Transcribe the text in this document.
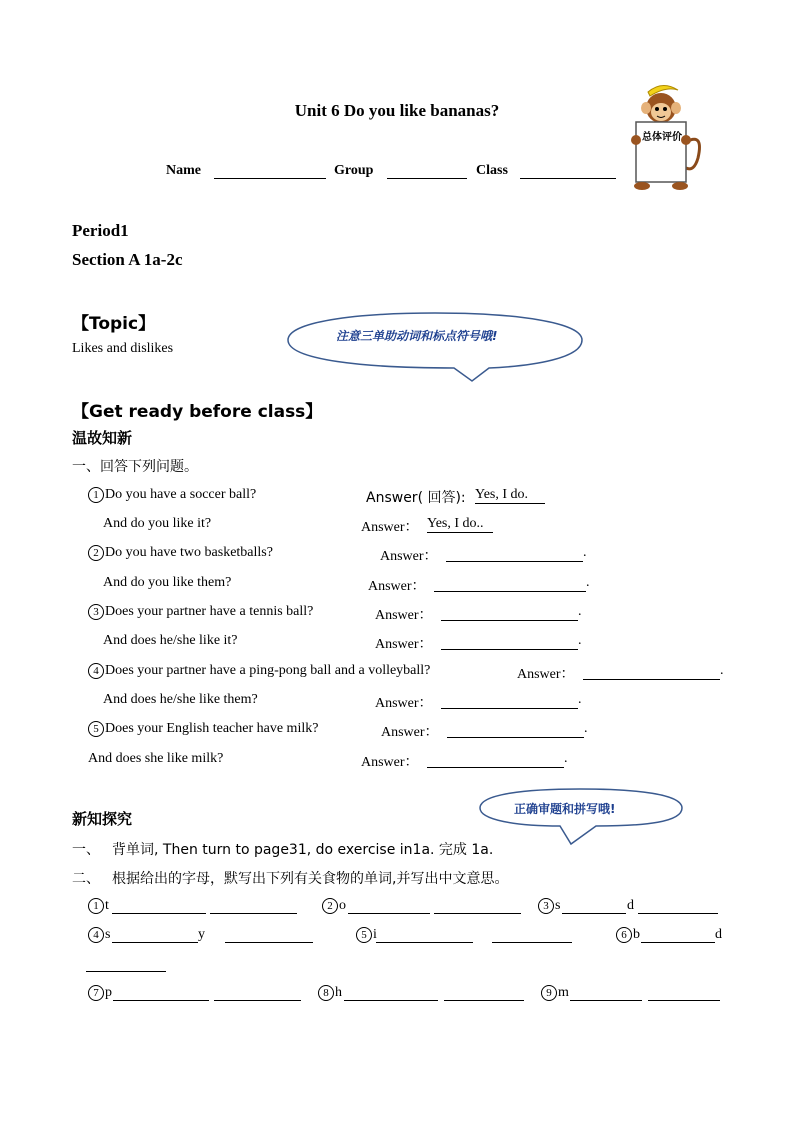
Unit 6 Do you like bananas?
Name	Group	Class
总体评价
Period1
Section A 1a-2c
【Topic】
Likes and dislikes
注意三单助动词和标点符号哦!
【Get ready before class】
温故知新
一、回答下列问题。
1 Do you have a soccer ball?	Answer( 回答): Yes, I do.
And do you like it?	Answer： Yes, I do..
2 Do you have two basketballs?	Answer：	.
And do you like them?	Answer：	.
3 Does your partner have a tennis ball?	Answer：	.
And does he/she like it?	Answer：	.
4 Does your partner have a ping-pong ball and a volleyball?	Answer：	.
And does he/she like them?	Answer：	.
5 Does your English teacher have milk?	Answer：	.
And does she like milk?	Answer：	.
正确审题和拼写哦!
新知探究
一、 背单词, Then turn to page31, do exercise in1a. 完成 1a.
二、 根据给出的字母，默写出下列有关食物的单词,并写出中文意思。
1 t	2 o	3 s	d
4 s	y	5 i	6 b	d
7 p	8 h	9 m
